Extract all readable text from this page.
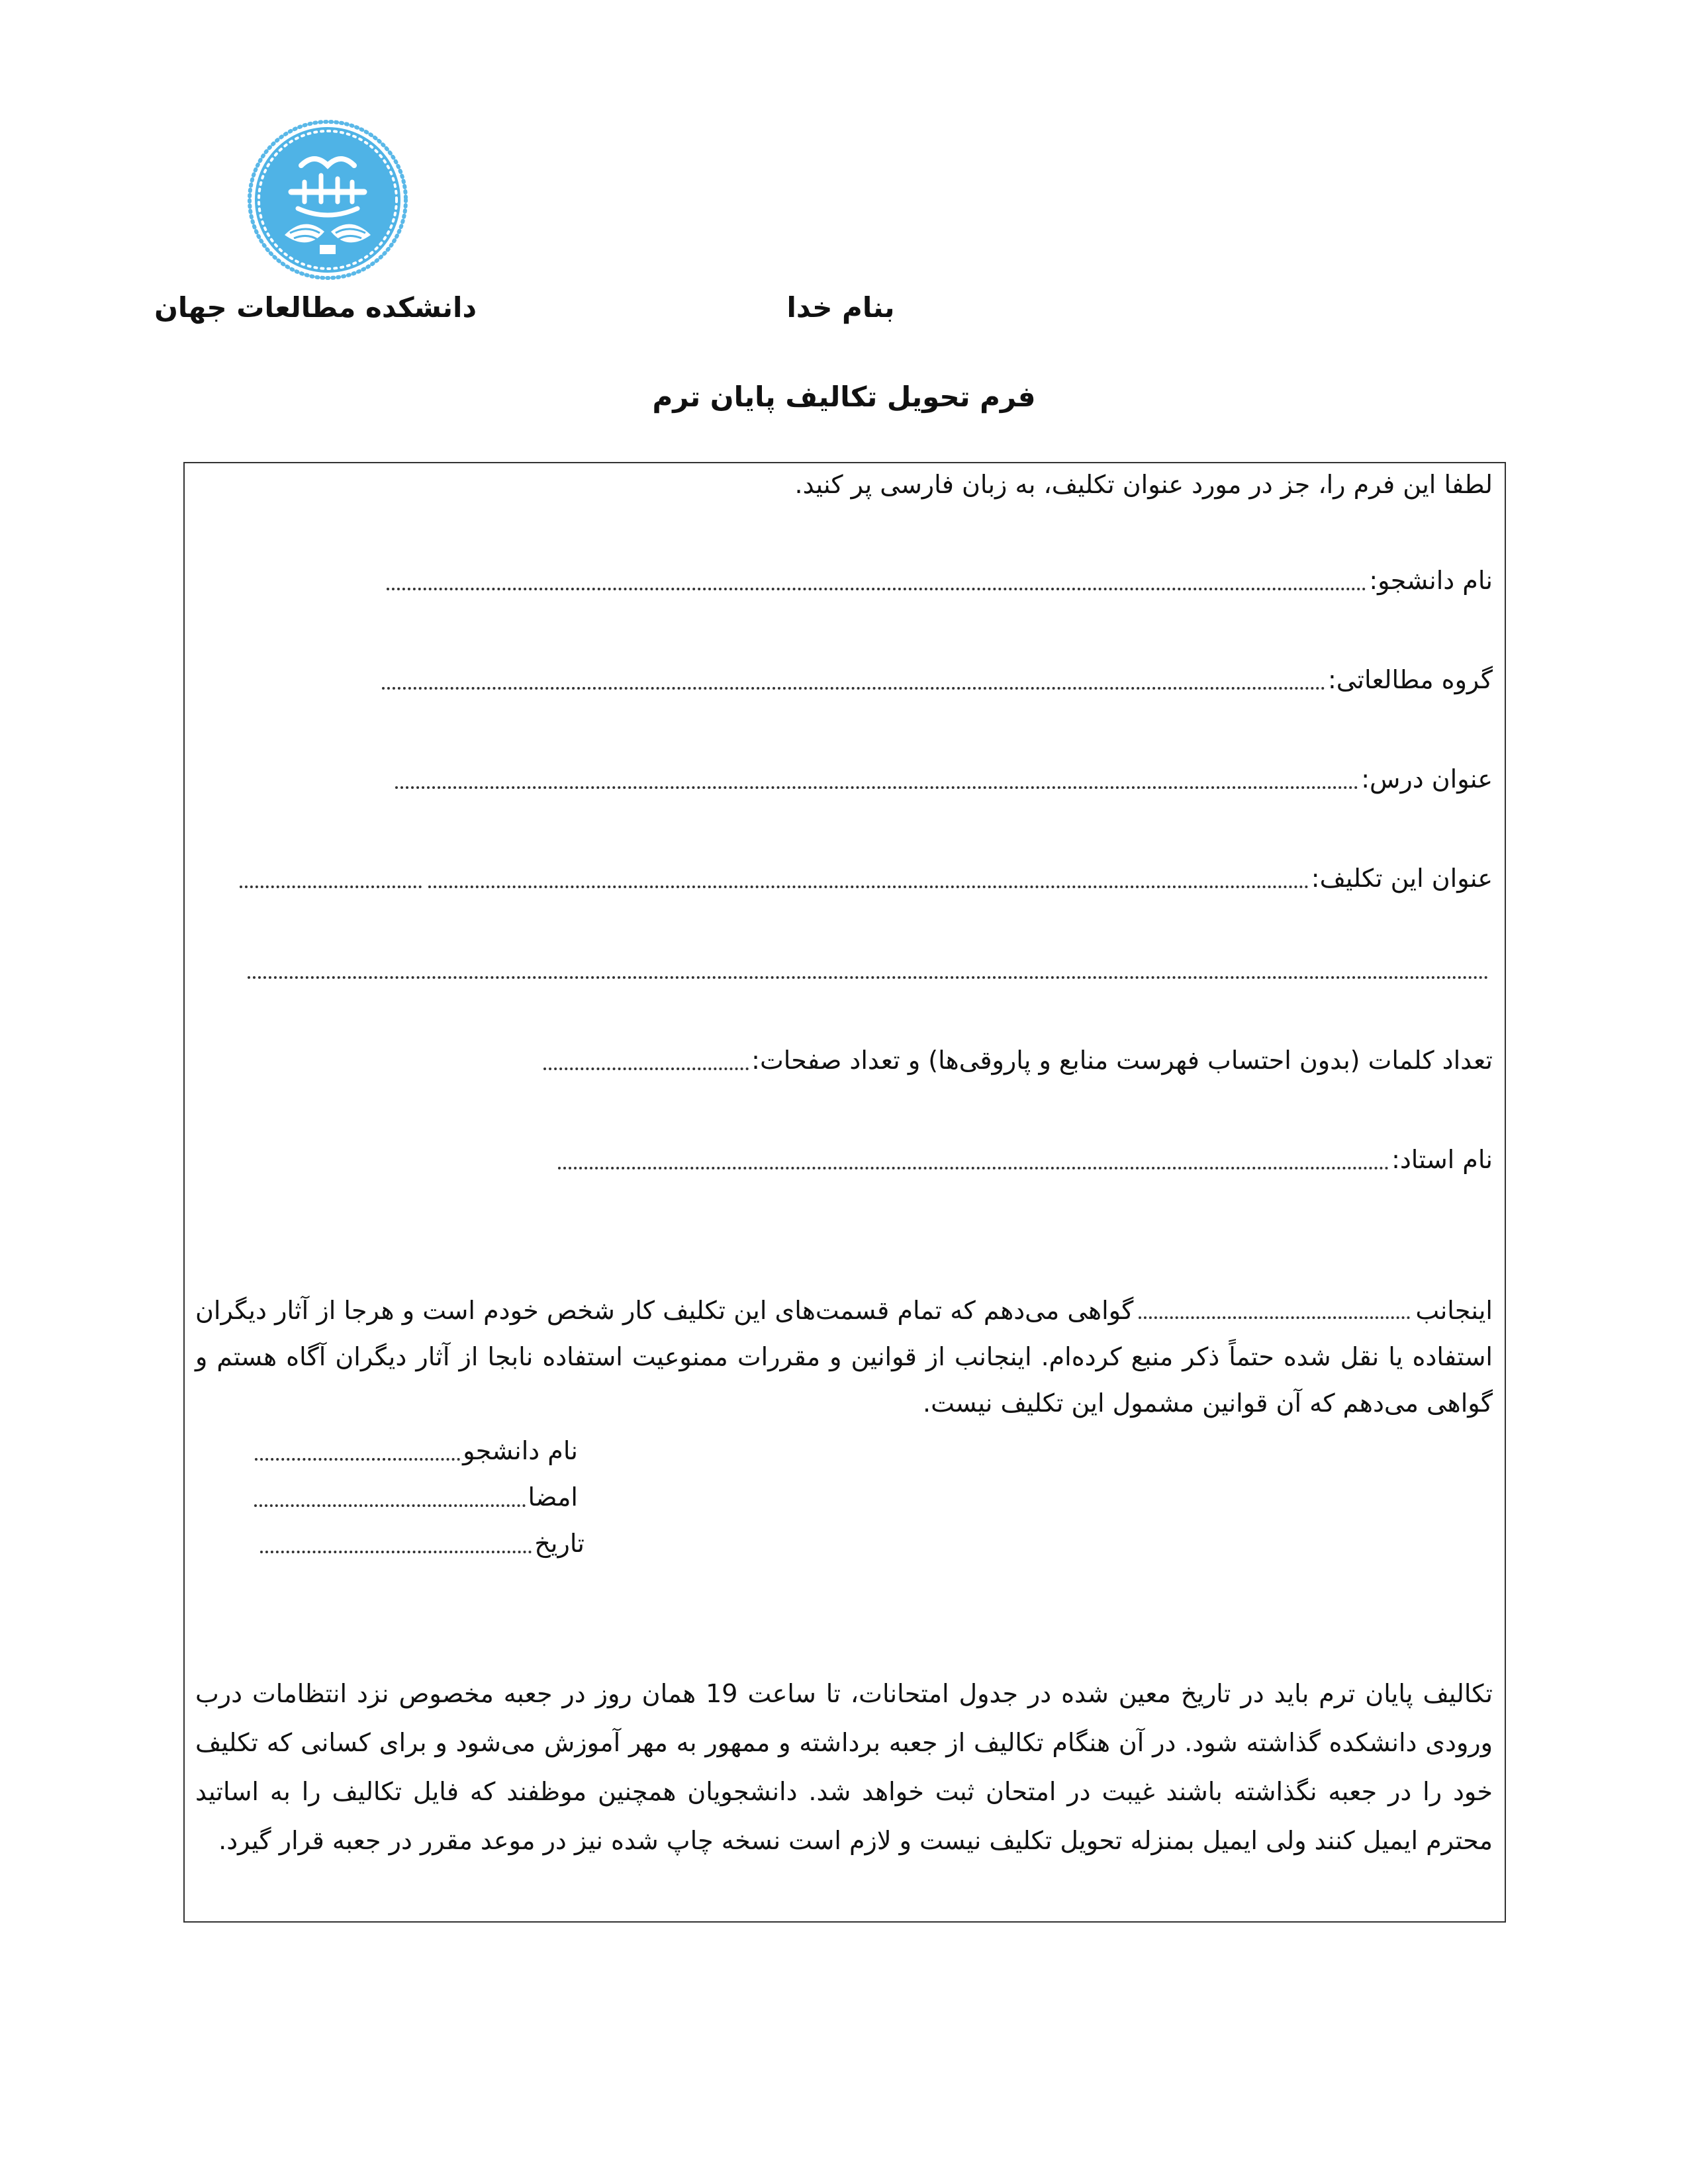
دانشگاه تهران
دانشکده مطالعات جهان	بنام خدا
فرم تحویل تکالیف پایان ترم
لطفا این فرم را، جز در مورد عنوان تکلیف، به زبان فارسی پر کنید.
نام دانشجو:
گروه مطالعاتی:
عنوان درس:
عنوان این تکلیف:
تعداد کلمات (بدون احتساب فهرست منابع و پاروقی‌ها) و تعداد صفحات:
نام استاد:
اینجانبگواهی می‌دهم که تمام قسمت‌های این تکلیف کار شخص خودم است و هرجا از آثار دیگران استفاده یا نقل شده حتماً ذکر منبع کرده‌ام. اینجانب از قوانین و مقررات ممنوعیت استفاده نابجا از آثار دیگران آگاه هستم و گواهی می‌دهم که آن قوانین مشمول این تکلیف نیست.
نام دانشجو
امضا
تاریخ
تکالیف پایان ترم باید در تاریخ معین شده در جدول امتحانات، تا ساعت 19 همان روز در جعبه مخصوص نزد انتظامات درب ورودی دانشکده گذاشته شود. در آن هنگام تکالیف از جعبه برداشته و ممهور به مهر آموزش می‌شود و برای کسانی که تکلیف خود را در جعبه نگذاشته باشند غیبت در امتحان ثبت خواهد شد. دانشجویان همچنین موظفند که فایل تکالیف را به اساتید محترم ایمیل کنند ولی ایمیل بمنزله تحویل تکلیف نیست و لازم است نسخه چاپ شده نیز در موعد مقرر در جعبه قرار گیرد.
